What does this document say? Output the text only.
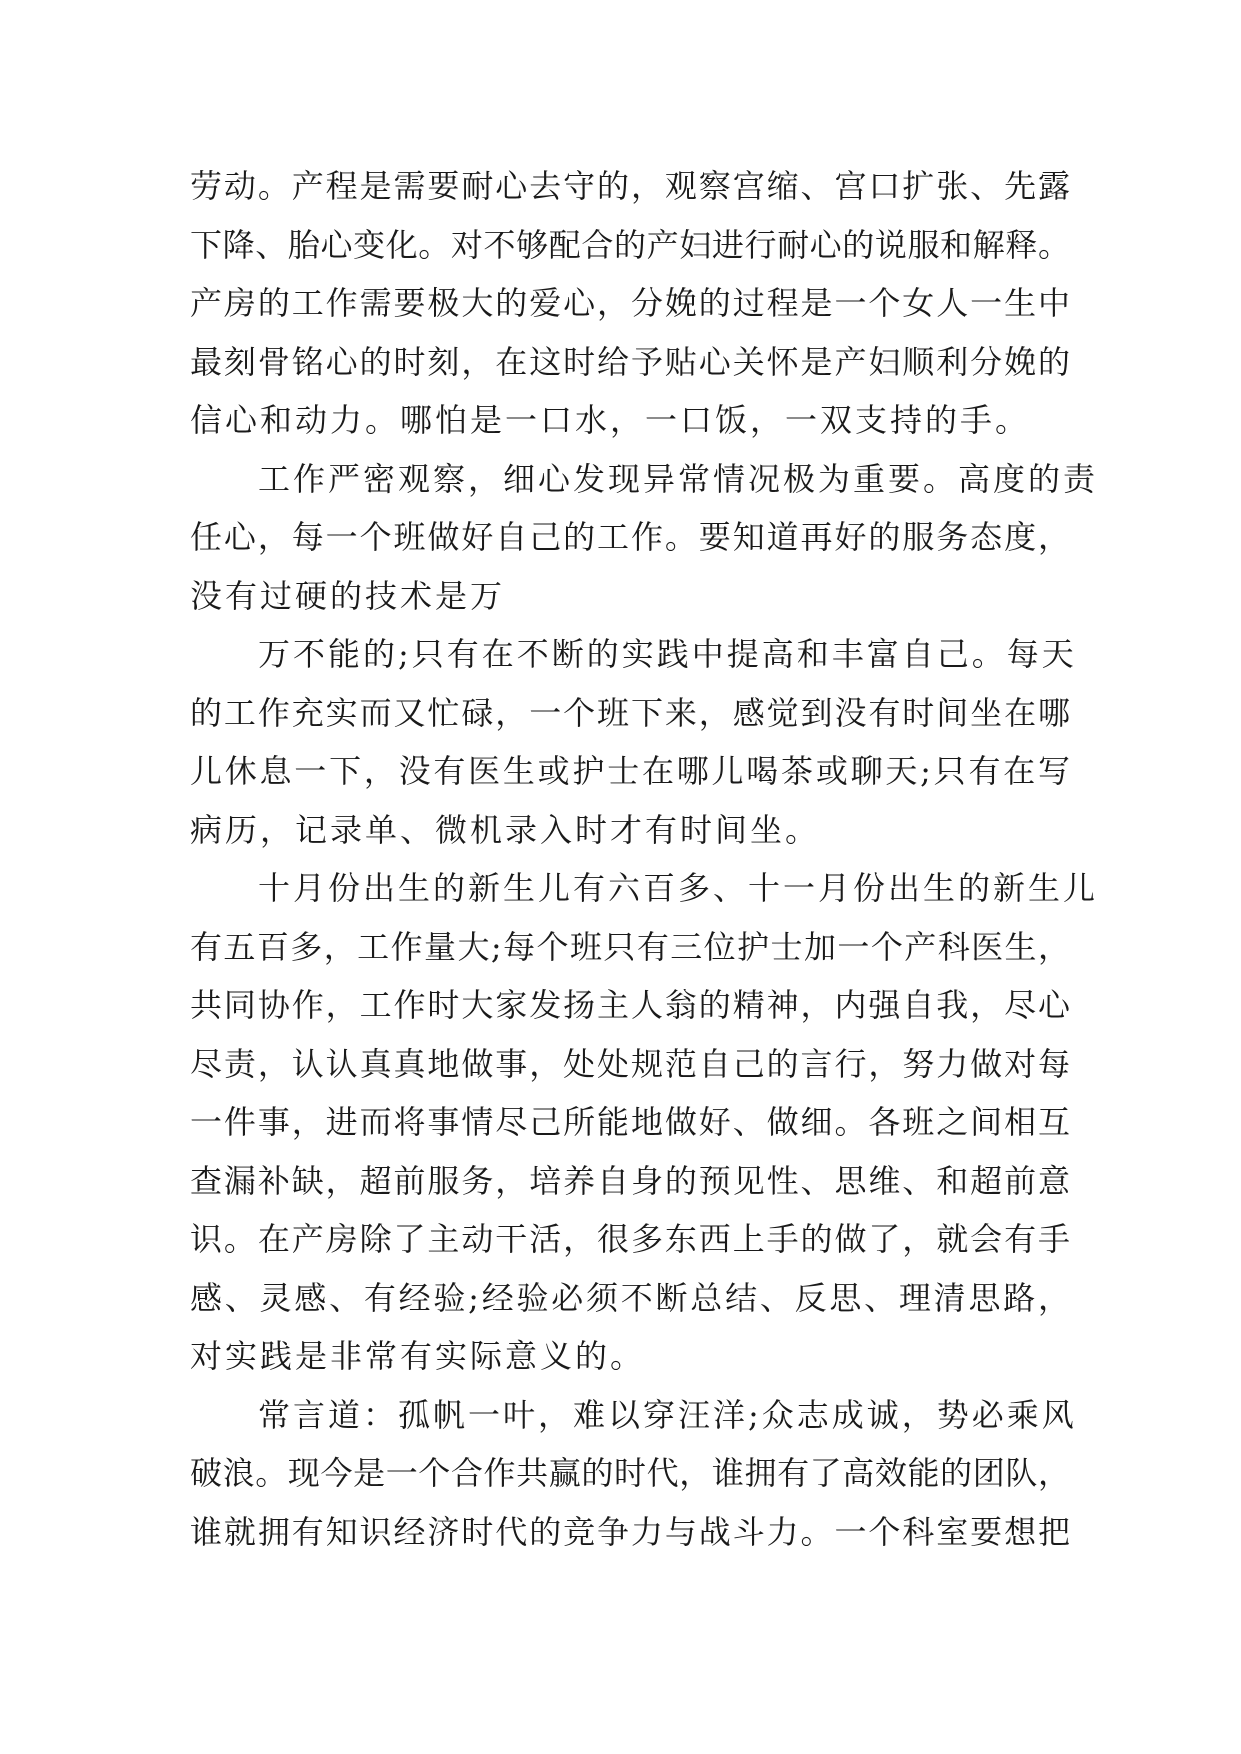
劳动。产程是需要耐心去守的，观察宫缩、宫口扩张、先露
下降、胎心变化。对不够配合的产妇进行耐心的说服和解释。
产房的工作需要极大的爱心，分娩的过程是一个女人一生中
最刻骨铭心的时刻，在这时给予贴心关怀是产妇顺利分娩的
信心和动力。哪怕是一口水，一口饭，一双支持的手。
工作严密观察，细心发现异常情况极为重要。高度的责
任心，每一个班做好自己的工作。要知道再好的服务态度，
没有过硬的技术是万
万不能的;只有在不断的实践中提高和丰富自己。每天
的工作充实而又忙碌，一个班下来，感觉到没有时间坐在哪
儿休息一下，没有医生或护士在哪儿喝茶或聊天;只有在写
病历，记录单、微机录入时才有时间坐。
十月份出生的新生儿有六百多、十一月份出生的新生儿
有五百多，工作量大;每个班只有三位护士加一个产科医生，
共同协作，工作时大家发扬主人翁的精神，内强自我，尽心
尽责，认认真真地做事，处处规范自己的言行，努力做对每
一件事，进而将事情尽己所能地做好、做细。各班之间相互
查漏补缺，超前服务，培养自身的预见性、思维、和超前意
识。在产房除了主动干活，很多东西上手的做了，就会有手
感、灵感、有经验;经验必须不断总结、反思、理清思路，
对实践是非常有实际意义的。
常言道：孤帆一叶，难以穿汪洋;众志成诚，势必乘风
破浪。现今是一个合作共赢的时代，谁拥有了高效能的团队，
谁就拥有知识经济时代的竞争力与战斗力。一个科室要想把
